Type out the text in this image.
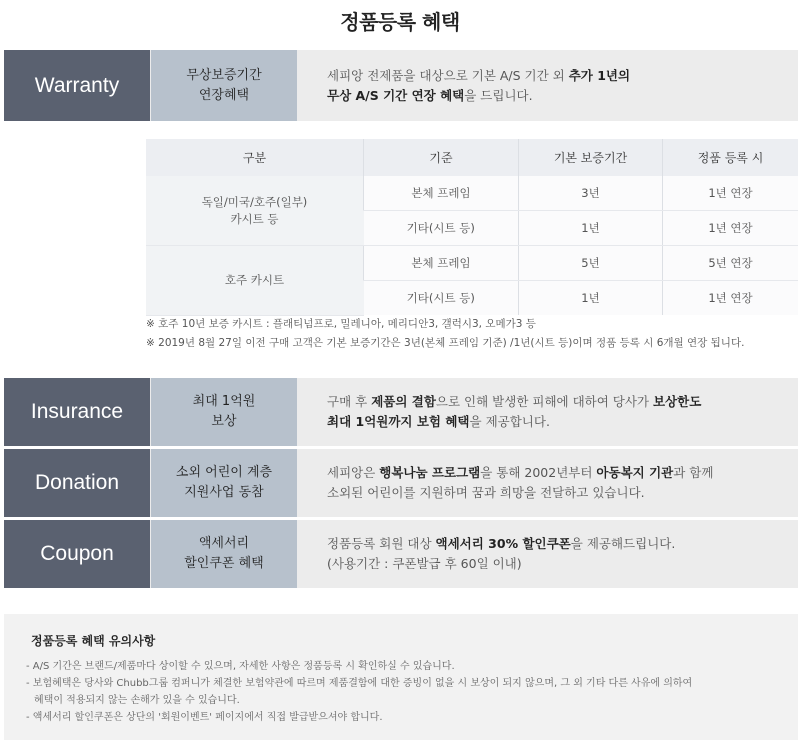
정품등록 혜택
Warranty	무상보증기간
연장혜택
세피앙 전제품을 대상으로 기본 A/S 기간 외 추가 1년의
무상 A/S 기간 연장 혜택을 드립니다.
구분	기준	기본 보증기간	정품 등록 시
독일/미국/호주(일부)
카시트 등	본체 프레임	3년	1년 연장
	기타(시트 등)	1년	1년 연장
호주 카시트	본체 프레임	5년	5년 연장
	기타(시트 등)	1년	1년 연장
※ 호주 10년 보증 카시트 : 플래티넘프로, 밀레니아, 메리디안3, 갤럭시3, 오메가3 등
※ 2019년 8월 27일 이전 구매 고객은 기본 보증기간은 3년(본체 프레임 기준) /1년(시트 등)이며 정품 등록 시 6개월 연장 됩니다.
Insurance	최대 1억원
보상
구매 후 제품의 결함으로 인해 발생한 피해에 대하여 당사가 보상한도
최대 1억원까지 보험 혜택을 제공합니다.
Donation	소외 어린이 계층
지원사업 동참
세피앙은 행복나눔 프로그램을 통해 2002년부터 아동복지 기관과 함께
소외된 어린이를 지원하며 꿈과 희망을 전달하고 있습니다.
Coupon	액세서리
할인쿠폰 혜택
정품등록 회원 대상 액세서리 30% 할인쿠폰을 제공해드립니다.
(사용기간 : 쿠폰발급 후 60일 이내)
정품등록 혜택 유의사항
- A/S 기간은 브랜드/제품마다 상이할 수 있으며, 자세한 사항은 정품등록 시 확인하실 수 있습니다.
- 보험혜택은 당사와 Chubb그룹 컴퍼니가 체결한 보험약관에 따르며 제품결함에 대한 증빙이 없을 시 보상이 되지 않으며, 그 외 기타 다른 사유에 의하여
혜택이 적용되지 않는 손해가 있을 수 있습니다.
- 액세서리 할인쿠폰은 상단의 '회원이벤트' 페이지에서 직접 발급받으셔야 합니다.
